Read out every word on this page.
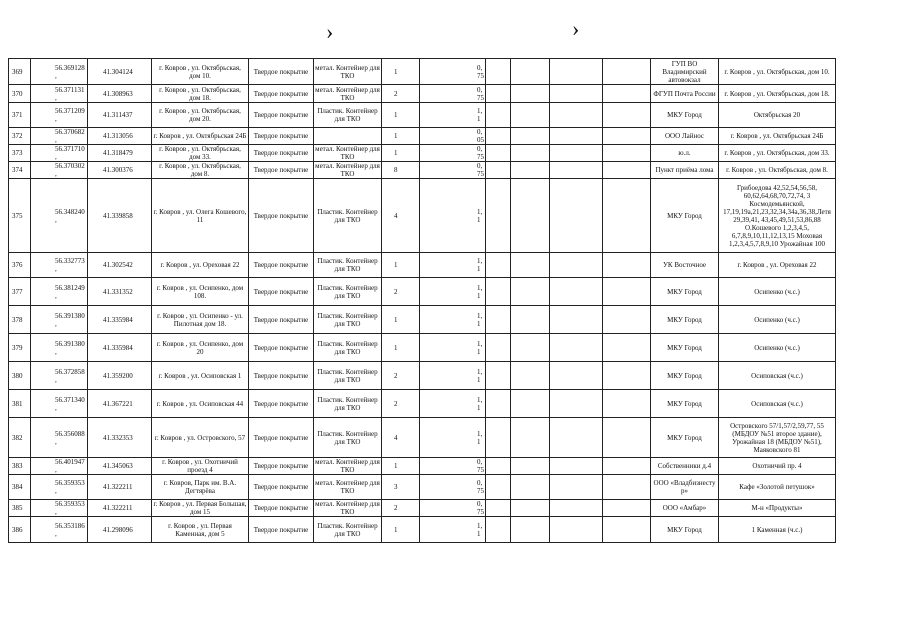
›	›
369	56.369128,	41.304124	г. Ковров , ул. Октябрьская, дом 10.	Твердое покрытие	метал. Контейнер для ТКО	1	0,75					ГУП ВО Владимирский автовокзал	г. Ковров , ул. Октябрьская, дом 10.
370	56.371131,	41.308963	г. Ковров , ул. Октябрьская, дом 18.	Твердое покрытие	метал. Контейнер для ТКО	2	0,75					ФГУП Почта России	г. Ковров , ул. Октябрьская, дом 18.
371	56.371209,	41.311437	г. Ковров , ул. Октябрьская, дом 20.	Твердое покрытие	Пластик. Контейнер для ТКО	1	1,1					МКУ Город	Октябрьская 20
372	56.370682,	41.313056	г. Ковров , ул. Октябрьская 24Б	Твердое покрытие		1	0,05					ООО Лайнос	г. Ковров , ул. Октябрьская 24Б
373	56.371710,	41.318479	г. Ковров , ул. Октябрьская, дом 33.	Твердое покрытие	метал. Контейнер для ТКО	1	0,75					ю.л.	г. Ковров , ул. Октябрьская, дом 33.
374	56.370302,	41.300376	г. Ковров , ул. Октябрьская, дом 8.	Твердое покрытие	метал. Контейнер для ТКО	8	0,75					Пункт приёма лома	г. Ковров , ул. Октябрьская, дом 8.
375	56.348240,	41.339858	г. Ковров , ул. Олега Кошевого, 11	Твердое покрытие	Пластик. Контейнер для ТКО	4	1,1					МКУ Город	Грибоедова 42,52,54,56,58, 60,62,64,68,70,72,74, 3 Космодемьянской, 17,19,19а,21,23,32,34,34а,36,38,Летя 29,39,41, 43,45,49,51,53,86,88 О.Кошевого 1,2,3,4,5, 6,7,8,9,10,11,12,13,15 Моховая 1,2,3,4,5,7,8,9,10 Урожайная 100
376	56.332773,	41.302542	г. Ковров , ул. Ореховая 22	Твердое покрытие	Пластик. Контейнер для ТКО	1	1,1					УК Восточное	г. Ковров , ул. Ореховая 22
377	56.381249,	41.331352	г. Ковров , ул. Осипенко, дом 108.	Твердое покрытие	Пластик. Контейнер для ТКО	2	1,1					МКУ Город	Осипенко (ч.с.)
378	56.391380,	41.335984	г. Ковров , ул. Осипенко - ул. Пилотная дом 18.	Твердое покрытие	Пластик. Контейнер для ТКО	1	1,1					МКУ Город	Осипенко (ч.с.)
379	56.391380,	41.335984	г. Ковров , ул. Осипенко, дом 20	Твердое покрытие	Пластик. Контейнер для ТКО	1	1,1					МКУ Город	Осипенко (ч.с.)
380	56.372858,	41.359200	г. Ковров , ул. Осиповская 1	Твердое покрытие	Пластик. Контейнер для ТКО	2	1,1					МКУ Город	Осиповская (ч.с.)
381	56.371340,	41.367221	г. Ковров , ул. Осиповская 44	Твердое покрытие	Пластик. Контейнер для ТКО	2	1,1					МКУ Город	Осиповская (ч.с.)
382	56.356088,	41.332353	г. Ковров , ул. Островского, 57	Твердое покрытие	Пластик. Контейнер для ТКО	4	1,1					МКУ Город	Островского 57/1,57/2,59,77, 55 (МБДОУ №51 второе здание), Урожайная 18 (МБДОУ №51), Маяковского 81
383	56.401947,	41.345063	г. Ковров , ул. Охотничий проезд 4	Твердое покрытие	метал. Контейнер для ТКО	1	0,75					Собственники д.4	Охотничий пр. 4
384	56.359353,	41.322211	г. Ковров, Парк им. В.А. Дегтярёва	Твердое покрытие	метал. Контейнер для ТКО	3	0,75					ООО «Владбизнесту р»	Кафе «Золотой петушок»
385	56.359353,	41.322211	г. Ковров , ул. Первая Большая, дом 15	Твердое покрытие	метал. Контейнер для ТКО	2	0,75					ООО «Амбар»	М-н «Продукты»
386	56.353186,	41.298096	г. Ковров , ул. Первая Каменная, дом 5	Твердое покрытие	Пластик. Контейнер для ТКО	1	1,1					МКУ Город	1 Каменная (ч.с.)
